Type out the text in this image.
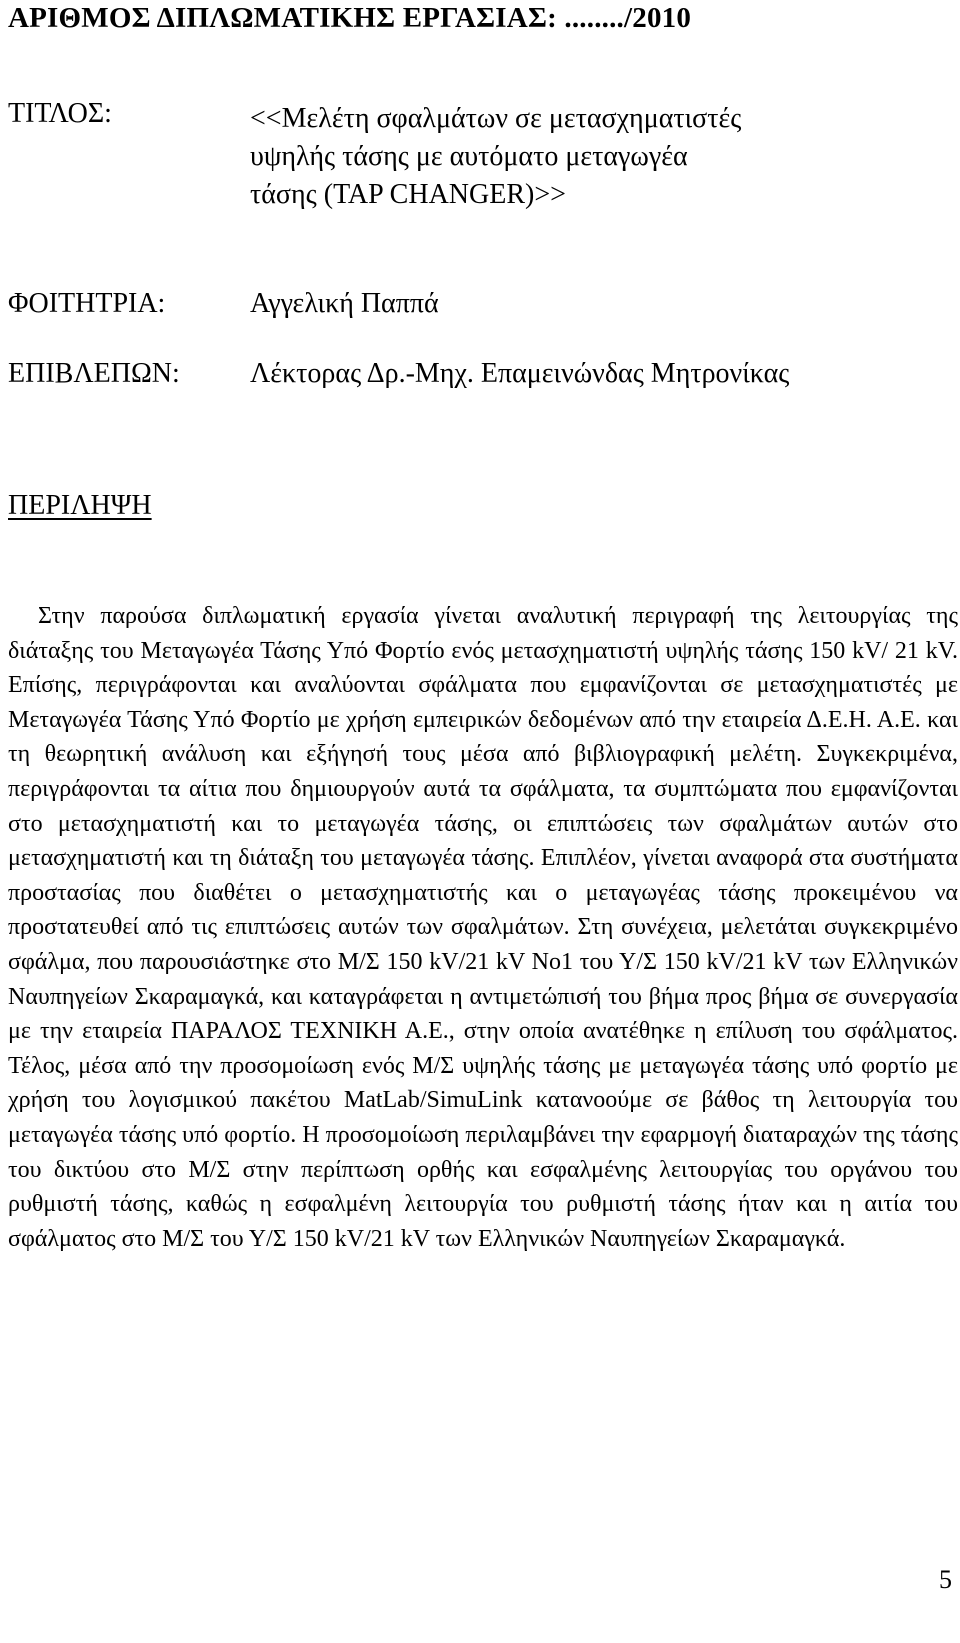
ΑΡΙΘΜΟΣ ΔΙΠΛΩΜΑΤΙΚΗΣ ΕΡΓΑΣΙΑΣ: ......../2010
ΤΙΤΛΟΣ:	<<Μελέτη σφαλμάτων σε μετασχηματιστές
υψηλής τάσης με αυτόματο μεταγωγέα
τάσης (TAP CHANGER)>>
ΦΟΙΤΗΤΡΙΑ:	Αγγελική Παππά
ΕΠΙΒΛΕΠΩΝ:	Λέκτορας Δρ.-Μηχ. Επαμεινώνδας Μητρονίκας
ΠΕΡΙΛΗΨΗ

Στην παρούσα διπλωματική εργασία γίνεται αναλυτική περιγραφή της λειτουργίας της διάταξης του Μεταγωγέα Τάσης Υπό Φορτίο ενός μετασχηματιστή υψηλής τάσης 150 kV/ 21 kV. Επίσης, περιγράφονται και αναλύονται σφάλματα που εμφανίζονται σε μετασχηματιστές με Μεταγωγέα Τάσης Υπό Φορτίο με χρήση εμπειρικών δεδομένων από την εταιρεία Δ.Ε.Η. Α.Ε. και τη θεωρητική ανάλυση και εξήγησή τους μέσα από βιβλιογραφική μελέτη. Συγκεκριμένα, περιγράφονται τα αίτια που δημιουργούν αυτά τα σφάλματα, τα συμπτώματα που εμφανίζονται στο μετασχηματιστή και το μεταγωγέα τάσης, οι επιπτώσεις των σφαλμάτων αυτών στο μετασχηματιστή και τη διάταξη του μεταγωγέα τάσης. Επιπλέον, γίνεται αναφορά στα συστήματα προστασίας που διαθέτει ο μετασχηματιστής και ο μεταγωγέας τάσης προκειμένου να προστατευθεί από τις επιπτώσεις αυτών των σφαλμάτων. Στη συνέχεια, μελετάται συγκεκριμένο σφάλμα, που παρουσιάστηκε στο Μ/Σ 150 kV/21 kV No1 του Υ/Σ 150 kV/21 kV των Ελληνικών Ναυπηγείων Σκαραμαγκά, και καταγράφεται η αντιμετώπισή του βήμα προς βήμα σε συνεργασία με την εταιρεία ΠΑΡΑΛΟΣ ΤΕΧΝΙΚΗ Α.Ε., στην οποία ανατέθηκε η επίλυση του σφάλματος. Τέλος, μέσα από την προσομοίωση ενός Μ/Σ υψηλής τάσης με μεταγωγέα τάσης υπό φορτίο με χρήση του λογισμικού πακέτου MatLab/SimuLink κατανοούμε σε βάθος τη λειτουργία του μεταγωγέα τάσης υπό φορτίο. Η προσομοίωση περιλαμβάνει την εφαρμογή διαταραχών της τάσης του δικτύου στο Μ/Σ στην περίπτωση ορθής και εσφαλμένης λειτουργίας του οργάνου του ρυθμιστή τάσης, καθώς η εσφαλμένη λειτουργία του ρυθμιστή τάσης ήταν και η αιτία του σφάλματος στο Μ/Σ του Υ/Σ 150 kV/21 kV των Ελληνικών Ναυπηγείων Σκαραμαγκά.

5
